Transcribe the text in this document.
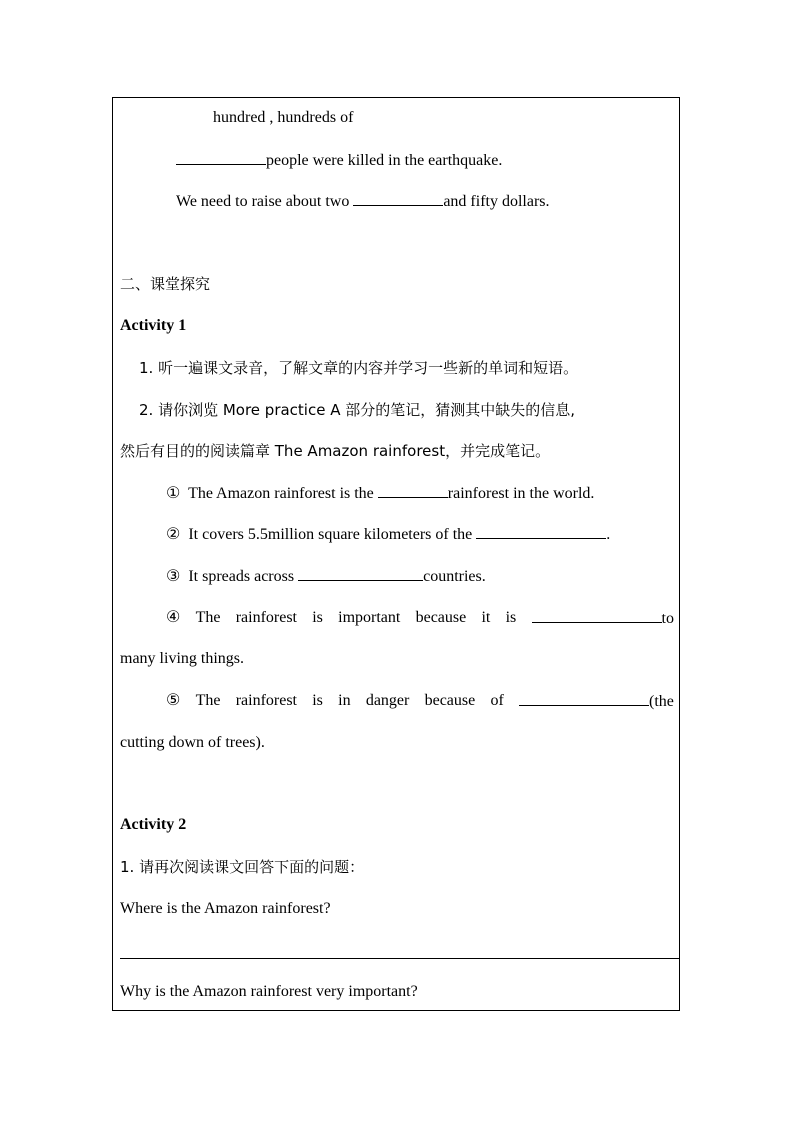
hundred , hundreds of
people were killed in the earthquake.
We need to raise about two	and fifty dollars.
二、课堂探究
Activity 1
1. 听一遍课文录音，了解文章的内容并学习一些新的单词和短语。
2. 请你浏览 More practice A 部分的笔记，猜测其中缺失的信息,
然后有目的的阅读篇章 The Amazon rainforest，并完成笔记。
① The Amazon rainforest is the	rainforest in the world.
② It covers 5.5million square kilometers of the	.
③ It spreads across	countries.
④ The rainforest is important because it is	to
many living things.
⑤ The rainforest is in danger because of	(the
cutting down of trees).
Activity 2
1. 请再次阅读课文回答下面的问题：
Where is the Amazon rainforest?
Why is the Amazon rainforest very important?
